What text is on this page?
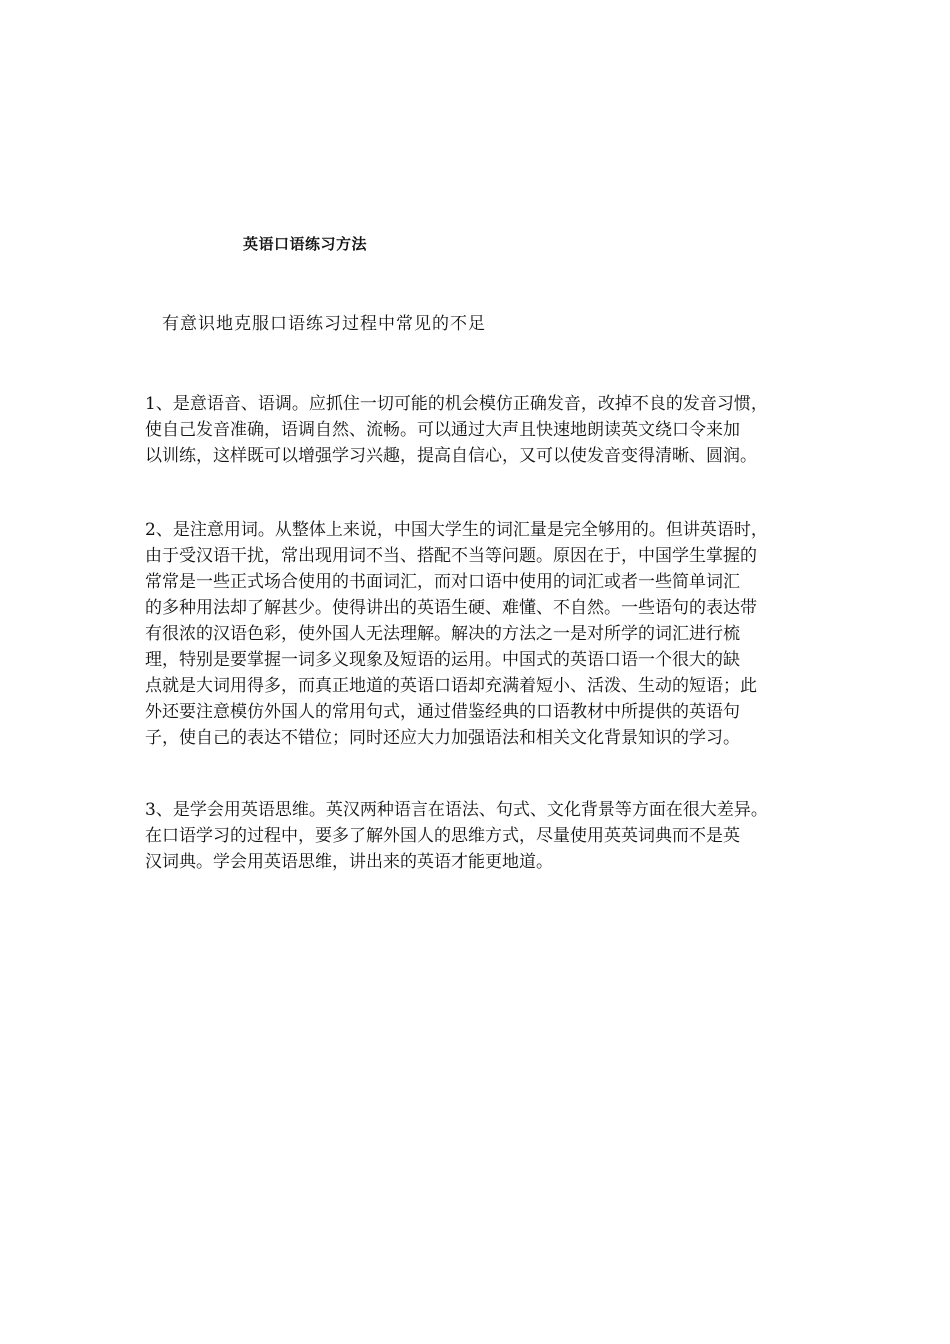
英语口语练习方法
有意识地克服口语练习过程中常见的不足
1、是意语音、语调。应抓住一切可能的机会模仿正确发音，改掉不良的发音习惯，
使自己发音准确，语调自然、流畅。可以通过大声且快速地朗读英文绕口令来加
以训练，这样既可以增强学习兴趣，提高自信心，又可以使发音变得清晰、圆润。
2、是注意用词。从整体上来说，中国大学生的词汇量是完全够用的。但讲英语时，
由于受汉语干扰，常出现用词不当、搭配不当等问题。原因在于，中国学生掌握的
常常是一些正式场合使用的书面词汇，而对口语中使用的词汇或者一些简单词汇
的多种用法却了解甚少。使得讲出的英语生硬、难懂、不自然。一些语句的表达带
有很浓的汉语色彩，使外国人无法理解。解决的方法之一是对所学的词汇进行梳
理，特别是要掌握一词多义现象及短语的运用。中国式的英语口语一个很大的缺
点就是大词用得多，而真正地道的英语口语却充满着短小、活泼、生动的短语；此
外还要注意模仿外国人的常用句式，通过借鉴经典的口语教材中所提供的英语句
子，使自己的表达不错位；同时还应大力加强语法和相关文化背景知识的学习。
3、是学会用英语思维。英汉两种语言在语法、句式、文化背景等方面在很大差异。
在口语学习的过程中，要多了解外国人的思维方式，尽量使用英英词典而不是英
汉词典。学会用英语思维，讲出来的英语才能更地道。
